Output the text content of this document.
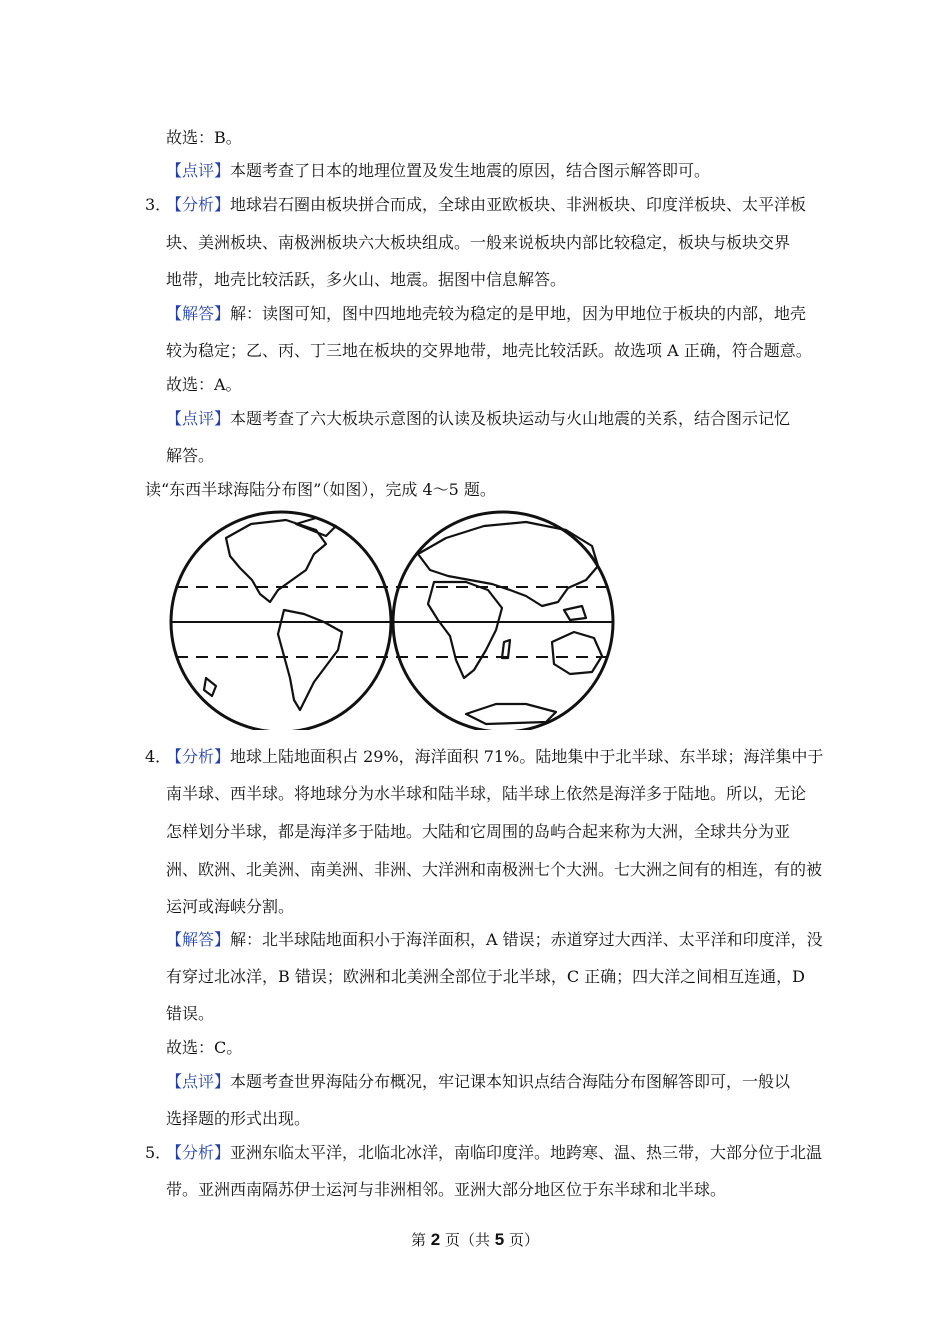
故选：B。
【点评】本题考查了日本的地理位置及发生地震的原因，结合图示解答即可。
3．
【分析】地球岩石圈由板块拼合而成，全球由亚欧板块、非洲板块、印度洋板块、太平洋板
块、美洲板块、南极洲板块六大板块组成。一般来说板块内部比较稳定，板块与板块交界
地带，地壳比较活跃，多火山、地震。据图中信息解答。
【解答】解：读图可知，图中四地地壳较为稳定的是甲地，因为甲地位于板块的内部，地壳
较为稳定；乙、丙、丁三地在板块的交界地带，地壳比较活跃。故选项 A 正确，符合题意。
故选：A。
【点评】本题考查了六大板块示意图的认读及板块运动与火山地震的关系，结合图示记忆
解答。
读“东西半球海陆分布图”（如图），完成 4～5 题。
4．
【分析】地球上陆地面积占 29%，海洋面积 71%。陆地集中于北半球、东半球；海洋集中于
南半球、西半球。将地球分为水半球和陆半球，陆半球上依然是海洋多于陆地。所以，无论
怎样划分半球，都是海洋多于陆地。大陆和它周围的岛屿合起来称为大洲，全球共分为亚
洲、欧洲、北美洲、南美洲、非洲、大洋洲和南极洲七个大洲。七大洲之间有的相连，有的被
运河或海峡分割。
【解答】解：北半球陆地面积小于海洋面积，A 错误；赤道穿过大西洋、太平洋和印度洋，没
有穿过北冰洋，B 错误；欧洲和北美洲全部位于北半球，C 正确；四大洋之间相互连通，D
错误。
故选：C。
【点评】本题考查世界海陆分布概况，牢记课本知识点结合海陆分布图解答即可，一般以
选择题的形式出现。
5．
【分析】亚洲东临太平洋，北临北冰洋，南临印度洋。地跨寒、温、热三带，大部分位于北温
带。亚洲西南隔苏伊士运河与非洲相邻。亚洲大部分地区位于东半球和北半球。
第 2 页（共 5 页）
